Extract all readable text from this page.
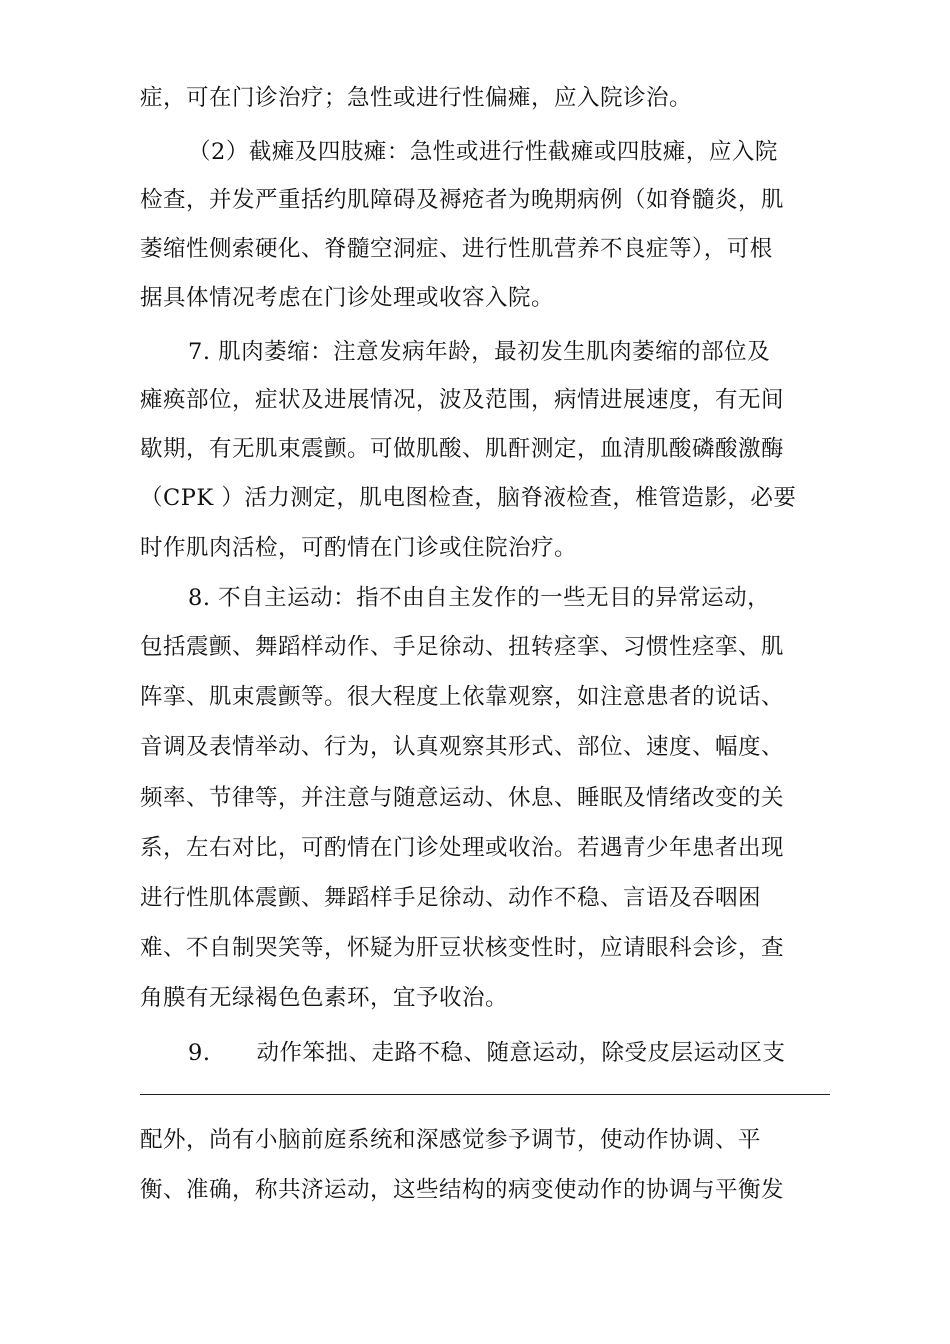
症，可在门诊治疗；急性或进行性偏瘫，应入院诊治。
（2）截瘫及四肢瘫：急性或进行性截瘫或四肢瘫，应入院
检查，并发严重括约肌障碍及褥疮者为晚期病例（如脊髓炎，肌
萎缩性侧索硬化、脊髓空洞症、进行性肌营养不良症等），可根
据具体情况考虑在门诊处理或收容入院。
7. 肌肉萎缩：注意发病年龄，最初发生肌肉萎缩的部位及
瘫痪部位，症状及进展情况，波及范围，病情进展速度，有无间
歇期，有无肌束震颤。可做肌酸、肌酐测定，血清肌酸磷酸激酶
（CPK ）活力测定，肌电图检查，脑脊液检查，椎管造影，必要
时作肌肉活检，可酌情在门诊或住院治疗。
8. 不自主运动：指不由自主发作的一些无目的异常运动，
包括震颤、舞蹈样动作、手足徐动、扭转痉挛、习惯性痉挛、肌
阵挛、肌束震颤等。很大程度上依靠观察，如注意患者的说话、
音调及表情举动、行为，认真观察其形式、部位、速度、幅度、
频率、节律等，并注意与随意运动、休息、睡眠及情绪改变的关
系，左右对比，可酌情在门诊处理或收治。若遇青少年患者出现
进行性肌体震颤、舞蹈样手足徐动、动作不稳、言语及吞咽困
难、不自制哭笑等，怀疑为肝豆状核变性时，应请眼科会诊，查
角膜有无绿褐色色素环，宜予收治。
9.　　动作笨拙、走路不稳、随意运动，除受皮层运动区支
配外，尚有小脑前庭系统和深感觉参予调节，使动作协调、平
衡、准确，称共济运动，这些结构的病变使动作的协调与平衡发
